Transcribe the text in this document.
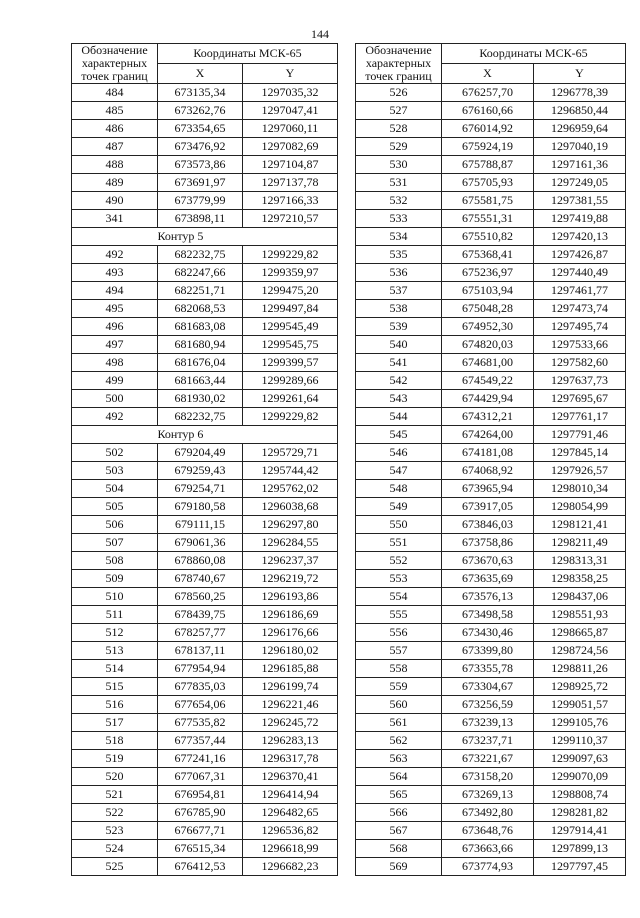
144
Обозначение характерных точек границ	Координаты МСК-65	
	X	Y
484	673135,34	1297035,32
485	673262,76	1297047,41
486	673354,65	1297060,11
487	673476,92	1297082,69
488	673573,86	1297104,87
489	673691,97	1297137,78
490	673779,99	1297166,33
341	673898,11	1297210,57
	Контур 5	
492	682232,75	1299229,82
493	682247,66	1299359,97
494	682251,71	1299475,20
495	682068,53	1299497,84
496	681683,08	1299545,49
497	681680,94	1299545,75
498	681676,04	1299399,57
499	681663,44	1299289,66
500	681930,02	1299261,64
492	682232,75	1299229,82
	Контур 6	
502	679204,49	1295729,71
503	679259,43	1295744,42
504	679254,71	1295762,02
505	679180,58	1296038,68
506	679111,15	1296297,80
507	679061,36	1296284,55
508	678860,08	1296237,37
509	678740,67	1296219,72
510	678560,25	1296193,86
511	678439,75	1296186,69
512	678257,77	1296176,66
513	678137,11	1296180,02
514	677954,94	1296185,88
515	677835,03	1296199,74
516	677654,06	1296221,46
517	677535,82	1296245,72
518	677357,44	1296283,13
519	677241,16	1296317,78
520	677067,31	1296370,41
521	676954,81	1296414,94
522	676785,90	1296482,65
523	676677,71	1296536,82
524	676515,34	1296618,99
525	676412,53	1296682,23
Обозначение характерных точек границ	Координаты МСК-65	
	X	Y
526	676257,70	1296778,39
527	676160,66	1296850,44
528	676014,92	1296959,64
529	675924,19	1297040,19
530	675788,87	1297161,36
531	675705,93	1297249,05
532	675581,75	1297381,55
533	675551,31	1297419,88
534	675510,82	1297420,13
535	675368,41	1297426,87
536	675236,97	1297440,49
537	675103,94	1297461,77
538	675048,28	1297473,74
539	674952,30	1297495,74
540	674820,03	1297533,66
541	674681,00	1297582,60
542	674549,22	1297637,73
543	674429,94	1297695,67
544	674312,21	1297761,17
545	674264,00	1297791,46
546	674181,08	1297845,14
547	674068,92	1297926,57
548	673965,94	1298010,34
549	673917,05	1298054,99
550	673846,03	1298121,41
551	673758,86	1298211,49
552	673670,63	1298313,31
553	673635,69	1298358,25
554	673576,13	1298437,06
555	673498,58	1298551,93
556	673430,46	1298665,87
557	673399,80	1298724,56
558	673355,78	1298811,26
559	673304,67	1298925,72
560	673256,59	1299051,57
561	673239,13	1299105,76
562	673237,71	1299110,37
563	673221,67	1299097,63
564	673158,20	1299070,09
565	673269,13	1298808,74
566	673492,80	1298281,82
567	673648,76	1297914,41
568	673663,66	1297899,13
569	673774,93	1297797,45
